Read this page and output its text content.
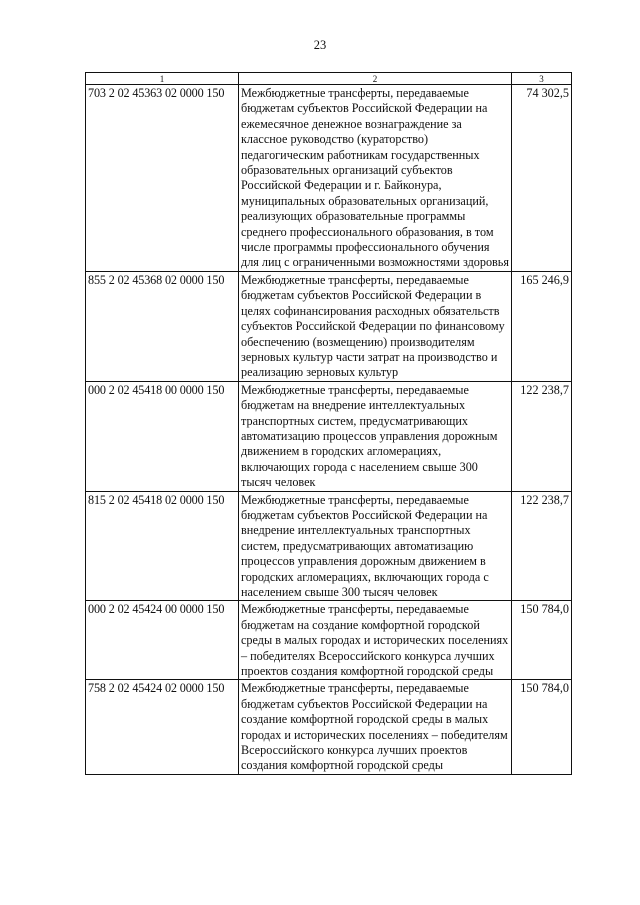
23
1	2	3
703 2 02 45363 02 0000 150	Межбюджетные трансферты, передаваемые бюджетам субъектов Российской Федерации на ежемесячное денежное вознаграждение за классное руководство (кураторство) педагогическим работникам государственных образовательных организаций субъектов Российской Федерации и г. Байконура, муниципальных образовательных организаций, реализующих образовательные программы среднего профессионального образования, в том числе программы профессионального обучения для лиц с ограниченными возможностями здоровья	74 302,5
855 2 02 45368 02 0000 150	Межбюджетные трансферты, передаваемые бюджетам субъектов Российской Федерации в целях софинансирования расходных обязательств субъектов Российской Федерации по финансовому обеспечению (возмещению) производителям зерновых культур части затрат на производство и реализацию зерновых культур	165 246,9
000 2 02 45418 00 0000 150	Межбюджетные трансферты, передаваемые бюджетам на внедрение интеллектуальных транспортных систем, предусматривающих автоматизацию процессов управления дорожным движением в городских агломерациях, включающих города с населением свыше 300 тысяч человек	122 238,7
815 2 02 45418 02 0000 150	Межбюджетные трансферты, передаваемые бюджетам субъектов Российской Федерации на внедрение интеллектуальных транспортных систем, предусматривающих автоматизацию процессов управления дорожным движением в городских агломерациях, включающих города с населением свыше 300 тысяч человек	122 238,7
000 2 02 45424 00 0000 150	Межбюджетные трансферты, передаваемые бюджетам на создание комфортной городской среды в малых городах и исторических поселениях – победителях Всероссийского конкурса лучших проектов создания комфортной городской среды	150 784,0
758 2 02 45424 02 0000 150	Межбюджетные трансферты, передаваемые бюджетам субъектов Российской Федерации на создание комфортной городской среды в малых городах и исторических поселениях – победителям Всероссийского конкурса лучших проектов создания комфортной городской среды	150 784,0
